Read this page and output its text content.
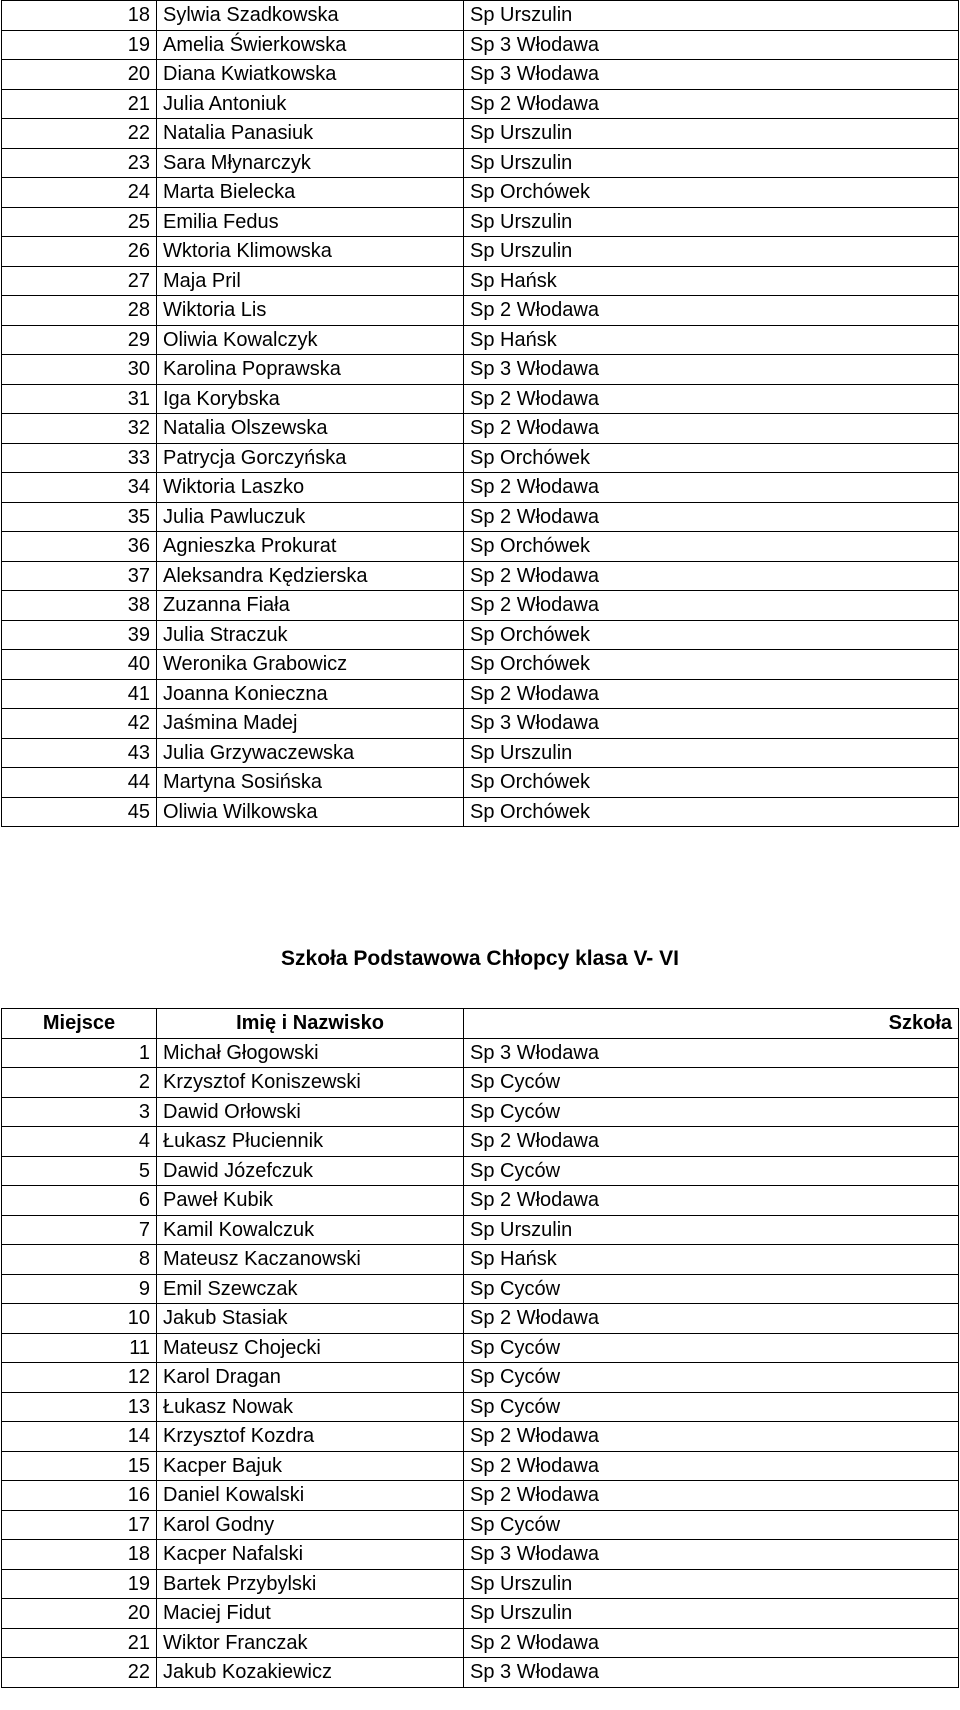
18	Sylwia Szadkowska	Sp Urszulin
19	Amelia Świerkowska	Sp 3 Włodawa
20	Diana Kwiatkowska	Sp 3 Włodawa
21	Julia Antoniuk	Sp 2 Włodawa
22	Natalia Panasiuk	Sp Urszulin
23	Sara Młynarczyk	Sp Urszulin
24	Marta Bielecka	Sp Orchówek
25	Emilia Fedus	Sp Urszulin
26	Wktoria Klimowska	Sp Urszulin
27	Maja Pril	Sp Hańsk
28	Wiktoria Lis	Sp 2 Włodawa
29	Oliwia Kowalczyk	Sp Hańsk
30	Karolina Poprawska	Sp 3 Włodawa
31	Iga Korybska	Sp 2 Włodawa
32	Natalia Olszewska	Sp 2 Włodawa
33	Patrycja Gorczyńska	Sp Orchówek
34	Wiktoria Laszko	Sp 2 Włodawa
35	Julia Pawluczuk	Sp 2 Włodawa
36	Agnieszka Prokurat	Sp Orchówek
37	Aleksandra Kędzierska	Sp 2 Włodawa
38	Zuzanna Fiała	Sp 2 Włodawa
39	Julia Straczuk	Sp Orchówek
40	Weronika Grabowicz	Sp Orchówek
41	Joanna Konieczna	Sp 2 Włodawa
42	Jaśmina Madej	Sp 3 Włodawa
43	Julia Grzywaczewska	Sp Urszulin
44	Martyna Sosińska	Sp Orchówek
45	Oliwia Wilkowska	Sp Orchówek
Szkoła Podstawowa Chłopcy klasa V- VI
Miejsce	Imię i Nazwisko	Szkoła
1	Michał Głogowski	Sp 3 Włodawa
2	Krzysztof Koniszewski	Sp Cyców
3	Dawid Orłowski	Sp Cyców
4	Łukasz Płuciennik	Sp 2 Włodawa
5	Dawid Józefczuk	Sp Cyców
6	Paweł Kubik	Sp 2 Włodawa
7	Kamil Kowalczuk	Sp Urszulin
8	Mateusz Kaczanowski	Sp Hańsk
9	Emil Szewczak	Sp Cyców
10	Jakub Stasiak	Sp 2 Włodawa
11	Mateusz Chojecki	Sp Cyców
12	Karol Dragan	Sp Cyców
13	Łukasz Nowak	Sp Cyców
14	Krzysztof Kozdra	Sp 2 Włodawa
15	Kacper Bajuk	Sp 2 Włodawa
16	Daniel Kowalski	Sp 2 Włodawa
17	Karol Godny	Sp Cyców
18	Kacper Nafalski	Sp 3 Włodawa
19	Bartek Przybylski	Sp Urszulin
20	Maciej Fidut	Sp Urszulin
21	Wiktor Franczak	Sp 2 Włodawa
22	Jakub Kozakiewicz	Sp 3 Włodawa
